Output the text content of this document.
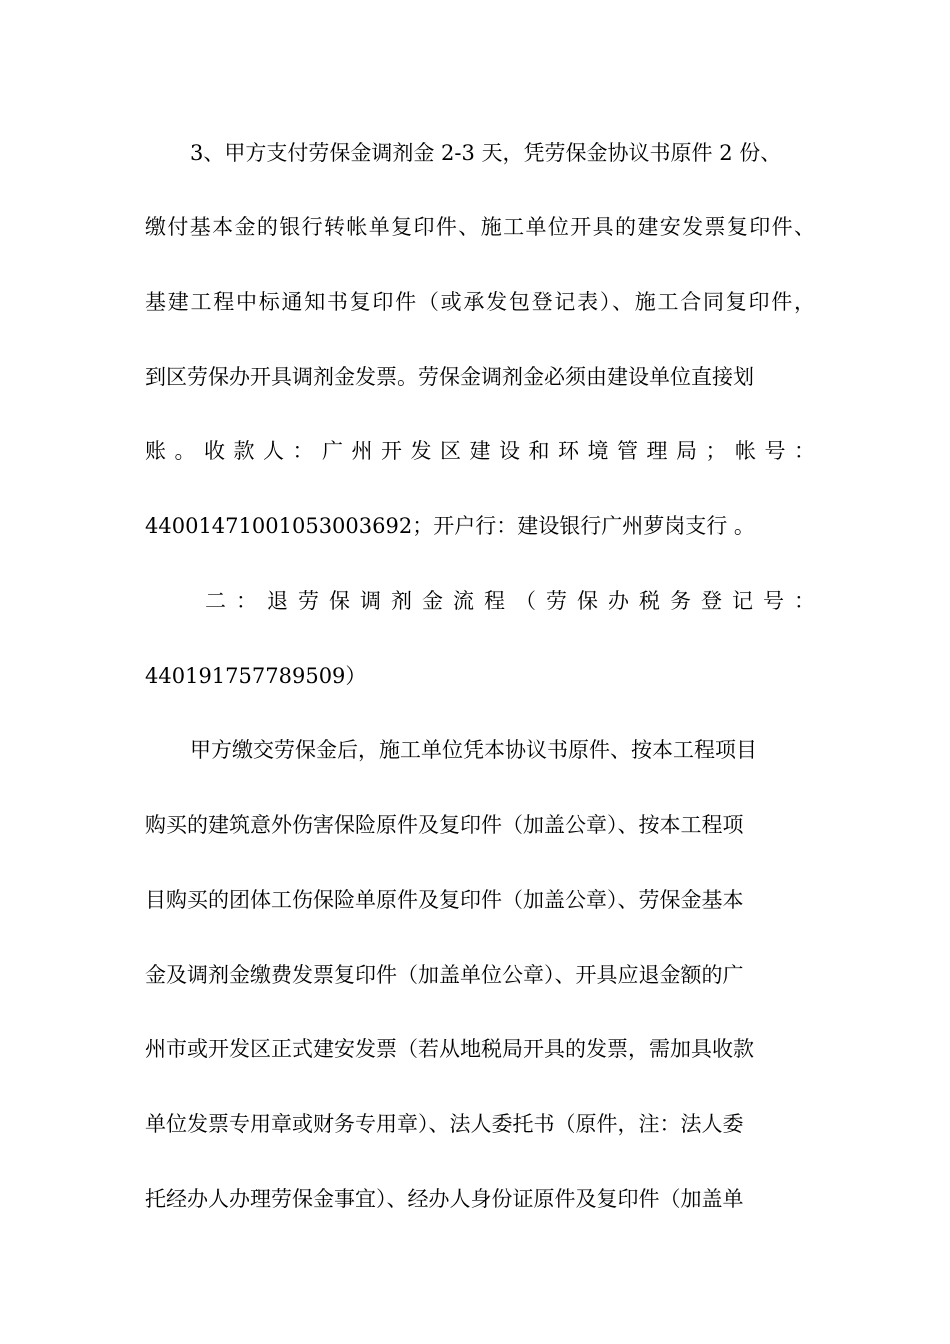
3、甲方支付劳保金调剂金 2-3 天，凭劳保金协议书原件 2 份、
缴付基本金的银行转帐单复印件、施工单位开具的建安发票复印件、
基建工程中标通知书复印件（或承发包登记表）、施工合同复印件，
到区劳保办开具调剂金发票。劳保金调剂金必须由建设单位直接划
账。收款人：广州开发区建设和环境管理局；帐号：
44001471001053003692；开户行：建设银行广州萝岗支行 。
二：退劳保调剂金流程（劳保办税务登记号：
440191757789509）
甲方缴交劳保金后，施工单位凭本协议书原件、按本工程项目
购买的建筑意外伤害保险原件及复印件（加盖公章）、按本工程项
目购买的团体工伤保险单原件及复印件（加盖公章）、劳保金基本
金及调剂金缴费发票复印件（加盖单位公章）、开具应退金额的广
州市或开发区正式建安发票（若从地税局开具的发票，需加具收款
单位发票专用章或财务专用章）、法人委托书（原件，注：法人委
托经办人办理劳保金事宜）、经办人身份证原件及复印件（加盖单
